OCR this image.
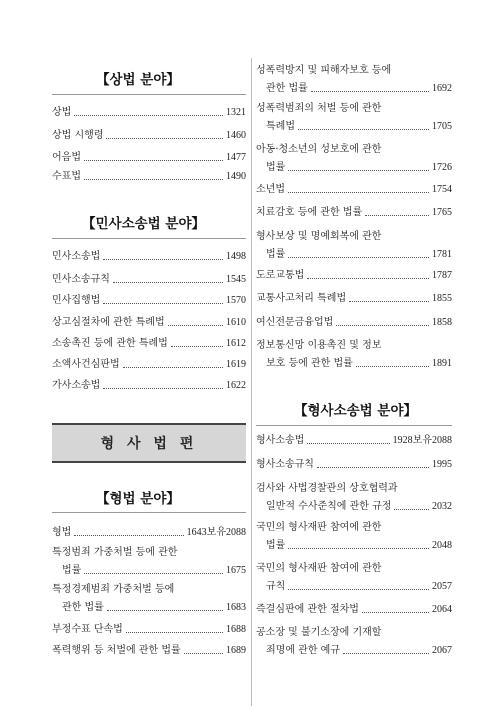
【상법 분야】
상법	1321
상법 시행령	1460
어음법	1477
수표법	1490
【민사소송법 분야】
민사소송법	1498
민사소송규칙	1545
민사집행법	1570
상고심절차에 관한 특례법	1610
소송촉진 등에 관한 특례법	1612
소액사건심판법	1619
가사소송법	1622
형 사 법 편
【형법 분야】
형법	1643보유2088
특정범죄 가중처벌 등에 관한
법률	1675
특정경제범죄 가중처벌 등에
관한 법률	1683
부정수표 단속법	1688
폭력행위 등 처벌에 관한 법률	1689
성폭력방지 및 피해자보호 등에
관한 법률	1692
성폭력범죄의 처벌 등에 관한
특례법	1705
아동·청소년의 성보호에 관한
법률	1726
소년법	1754
치료감호 등에 관한 법률	1765
형사보상 및 명예회복에 관한
법률	1781
도로교통법	1787
교통사고처리 특례법	1855
여신전문금융업법	1858
정보통신망 이용촉진 및 정보
보호 등에 관한 법률	1891
【형사소송법 분야】
형사소송법	1928보유2088
형사소송규칙	1995
검사와 사법경찰관의 상호협력과
일반적 수사준칙에 관한 규정	2032
국민의 형사재판 참여에 관한
법률	2048
국민의 형사재판 참여에 관한
규칙	2057
즉결심판에 관한 절차법	2064
공소장 및 불기소장에 기재할
죄명에 관한 예규	2067
